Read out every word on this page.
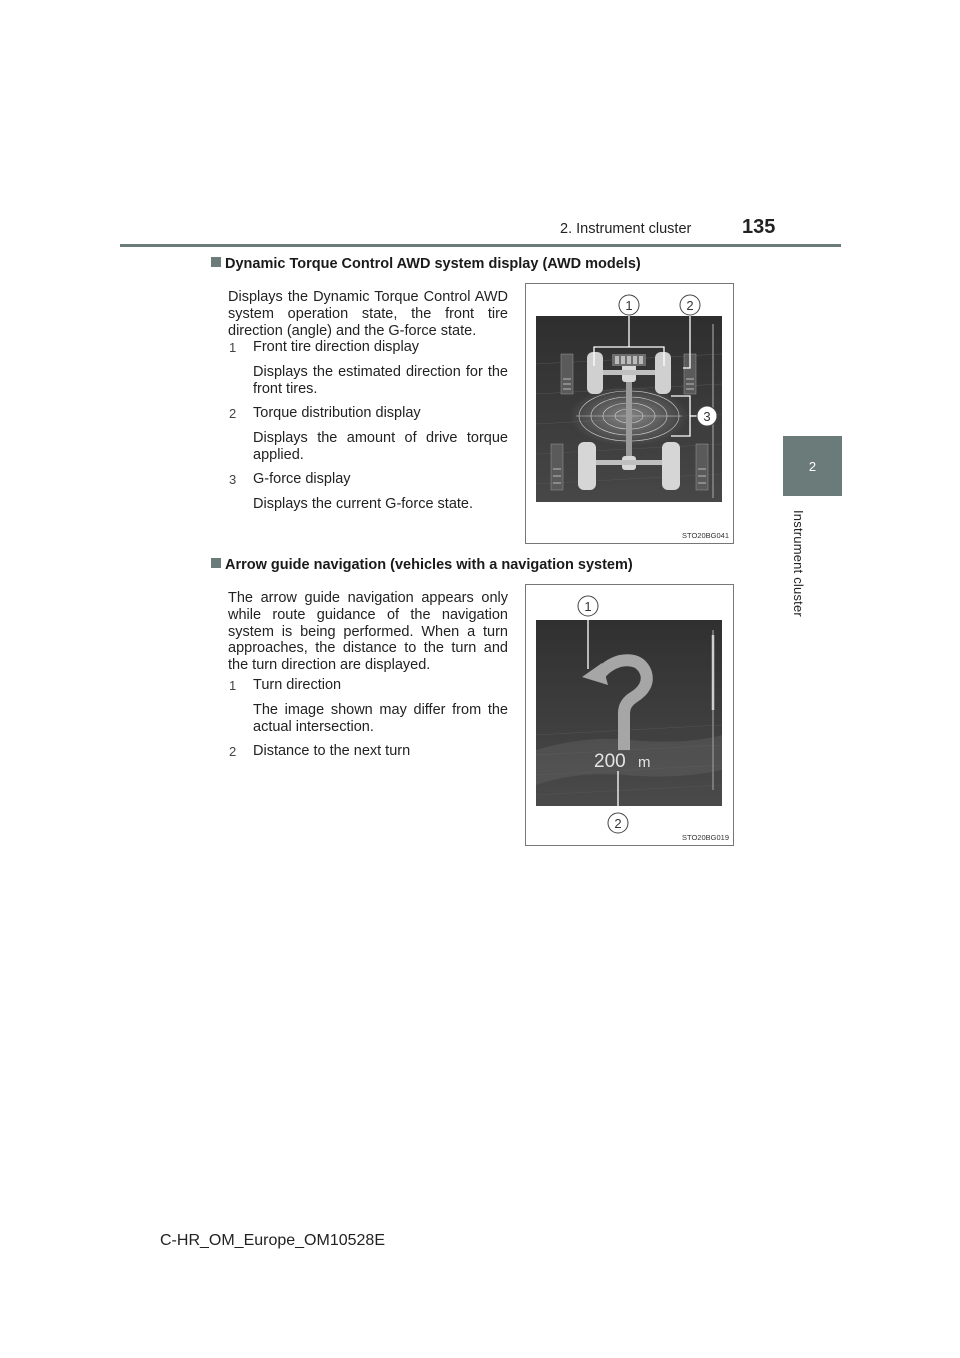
2. Instrument cluster	135
2
Instrument cluster
Dynamic Torque Control AWD system display (AWD models)
Displays the Dynamic Torque Control AWD system operation state, the front tire direction (angle) and the G-force state.
1 Front tire direction display
Displays the estimated direction for the front tires.
2 Torque distribution display
Displays the amount of drive torque applied.
3 G-force display
Displays the current G-force state.
1	2
3
STO20BG041
Arrow guide navigation (vehicles with a navigation system)
The arrow guide navigation appears only while route guidance of the navigation system is being performed. When a turn approaches, the distance to the turn and the turn direction are displayed.
1 Turn direction
The image shown may differ from the actual intersection.
2 Distance to the next turn	200 m
1
2
STO20BG019
C-HR_OM_Europe_OM10528E
